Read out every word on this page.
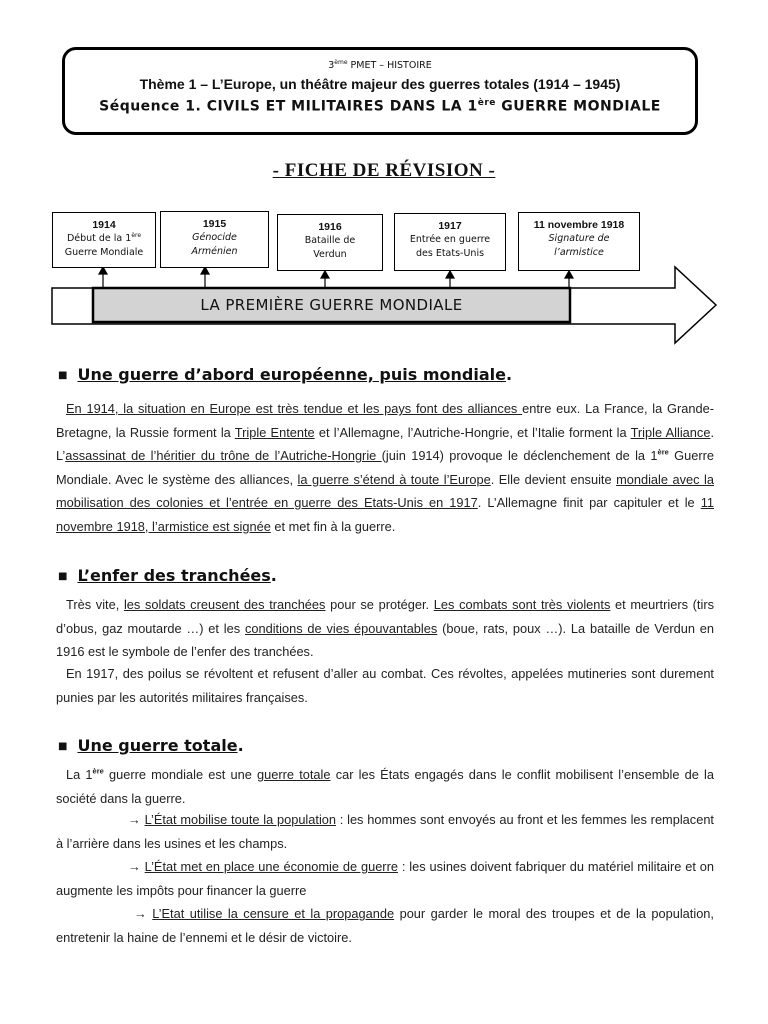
3ème PMET – HISTOIRE
Thème 1 – L’Europe, un théâtre majeur des guerres totales (1914 – 1945)
Séquence 1. CIVILS ET MILITAIRES DANS LA 1ère GUERRE MONDIALE
- FICHE DE RÉVISION -
LA PREMIÈRE GUERRE MONDIALE
1914
Début de la 1ère
Guerre Mondiale
1915
Génocide
Arménien
1916
Bataille de
Verdun
1917
Entrée en guerre
des Etats-Unis
11 novembre 1918
Signature de
l’armistice
■ Une guerre d’abord européenne, puis mondiale.
En 1914, la situation en Europe est très tendue et les pays font des alliances entre eux. La France, la Grande-Bretagne, la Russie forment la Triple Entente et l’Allemagne, l’Autriche-Hongrie, et l’Italie forment la Triple Alliance. L’assassinat de l’héritier du trône de l’Autriche-Hongrie (juin 1914) provoque le déclenchement de la 1ère Guerre Mondiale. Avec le système des alliances, la guerre s’étend à toute l’Europe. Elle devient ensuite mondiale avec la mobilisation des colonies et l’entrée en guerre des Etats-Unis en 1917. L’Allemagne finit par capituler et le 11 novembre 1918, l’armistice est signée et met fin à la guerre.
■ L’enfer des tranchées.
Très vite, les soldats creusent des tranchées pour se protéger. Les combats sont très violents et meurtriers (tirs d’obus, gaz moutarde …) et les conditions de vies épouvantables (boue, rats, poux …). La bataille de Verdun en 1916 est le symbole de l’enfer des tranchées.
En 1917, des poilus se révoltent et refusent d’aller au combat. Ces révoltes, appelées mutineries sont durement punies par les autorités militaires françaises.
■ Une guerre totale.
La 1ère guerre mondiale est une guerre totale car les États engagés dans le conflit mobilisent l’ensemble de la société dans la guerre.
→ L’État mobilise toute la population : les hommes sont envoyés au front et les femmes les remplacent à l’arrière dans les usines et les champs.
→ L’État met en place une économie de guerre : les usines doivent fabriquer du matériel militaire et on augmente les impôts pour financer la guerre
→ L’Etat utilise la censure et la propagande pour garder le moral des troupes et de la population, entretenir la haine de l’ennemi et le désir de victoire.
